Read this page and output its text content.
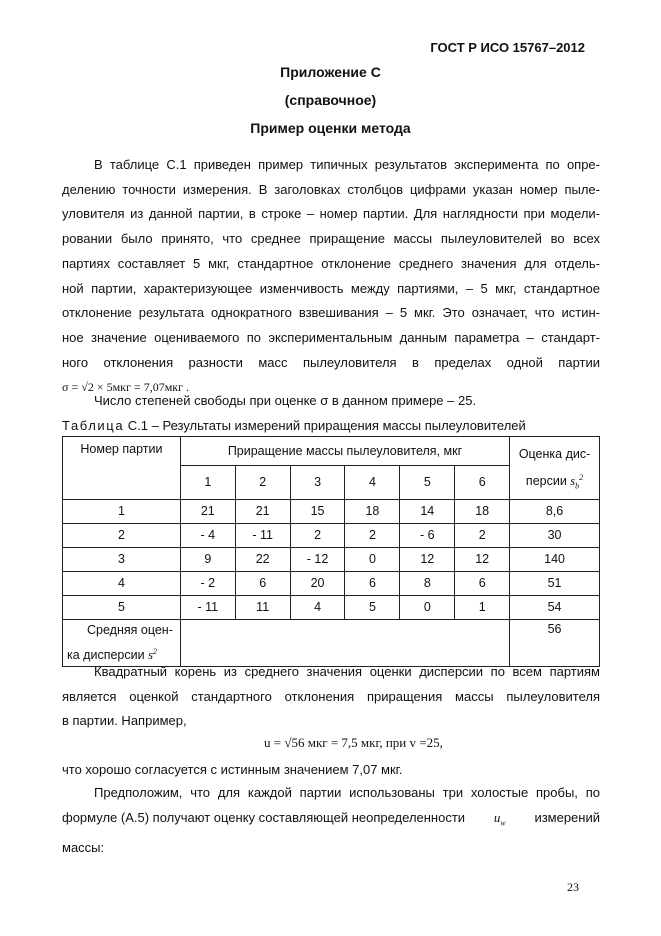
ГОСТ Р ИСО 15767–2012
Приложение С
(справочное)
Пример оценки метода
В таблице С.1 приведен пример типичных результатов эксперимента по опре-
делению точности измерения. В заголовках столбцов цифрами указан номер пыле-
уловителя из данной партии, в строке – номер партии. Для наглядности при модели-
ровании было принято, что среднее приращение массы пылеуловителей во всех
партиях составляет 5 мкг, стандартное отклонение среднего значения для отдель-
ной партии, характеризующее изменчивость между партиями, – 5 мкг, стандартное
отклонение результата однократного взвешивания – 5 мкг. Это означает, что истин-
ное значение оцениваемого по экспериментальным данным параметра – стандарт-
ного отклонения разности масс пылеуловителя в пределах одной партии
σ = √2 × 5мкг = 7,07мкг .
Число степеней свободы при оценке σ в данном примере – 25.
Таблица С.1 – Результаты измерений приращения массы пылеуловителей
Номер партии	Приращение массы пылеуловителя, мкг						Оценка дис-
персии $s_b^2$
	1	2	3	4	5	6	
1	21	21	15	18	14	18	8,6
2	- 4	- 11	2	2	- 6	2	30
3	9	22	- 12	0	12	12	140
4	- 2	6	20	6	8	6	51
5	- 11	11	4	5	0	1	54
Средняя оцен-
ка дисперсии $s^2$							56
Квадратный корень из среднего значения оценки дисперсии по всем партиям
является оценкой стандартного отклонения приращения массы пылеуловителя
в партии. Например,
u = √56 мкг = 7,5 мкг, при v =25,
что хорошо согласуется с истинным значением 7,07 мкг.
Предположим, что для каждой партии использованы три холостые пробы, по
формуле (А.5) получают оценку составляющей неопределенности $u_w$ измерений
массы:
23
